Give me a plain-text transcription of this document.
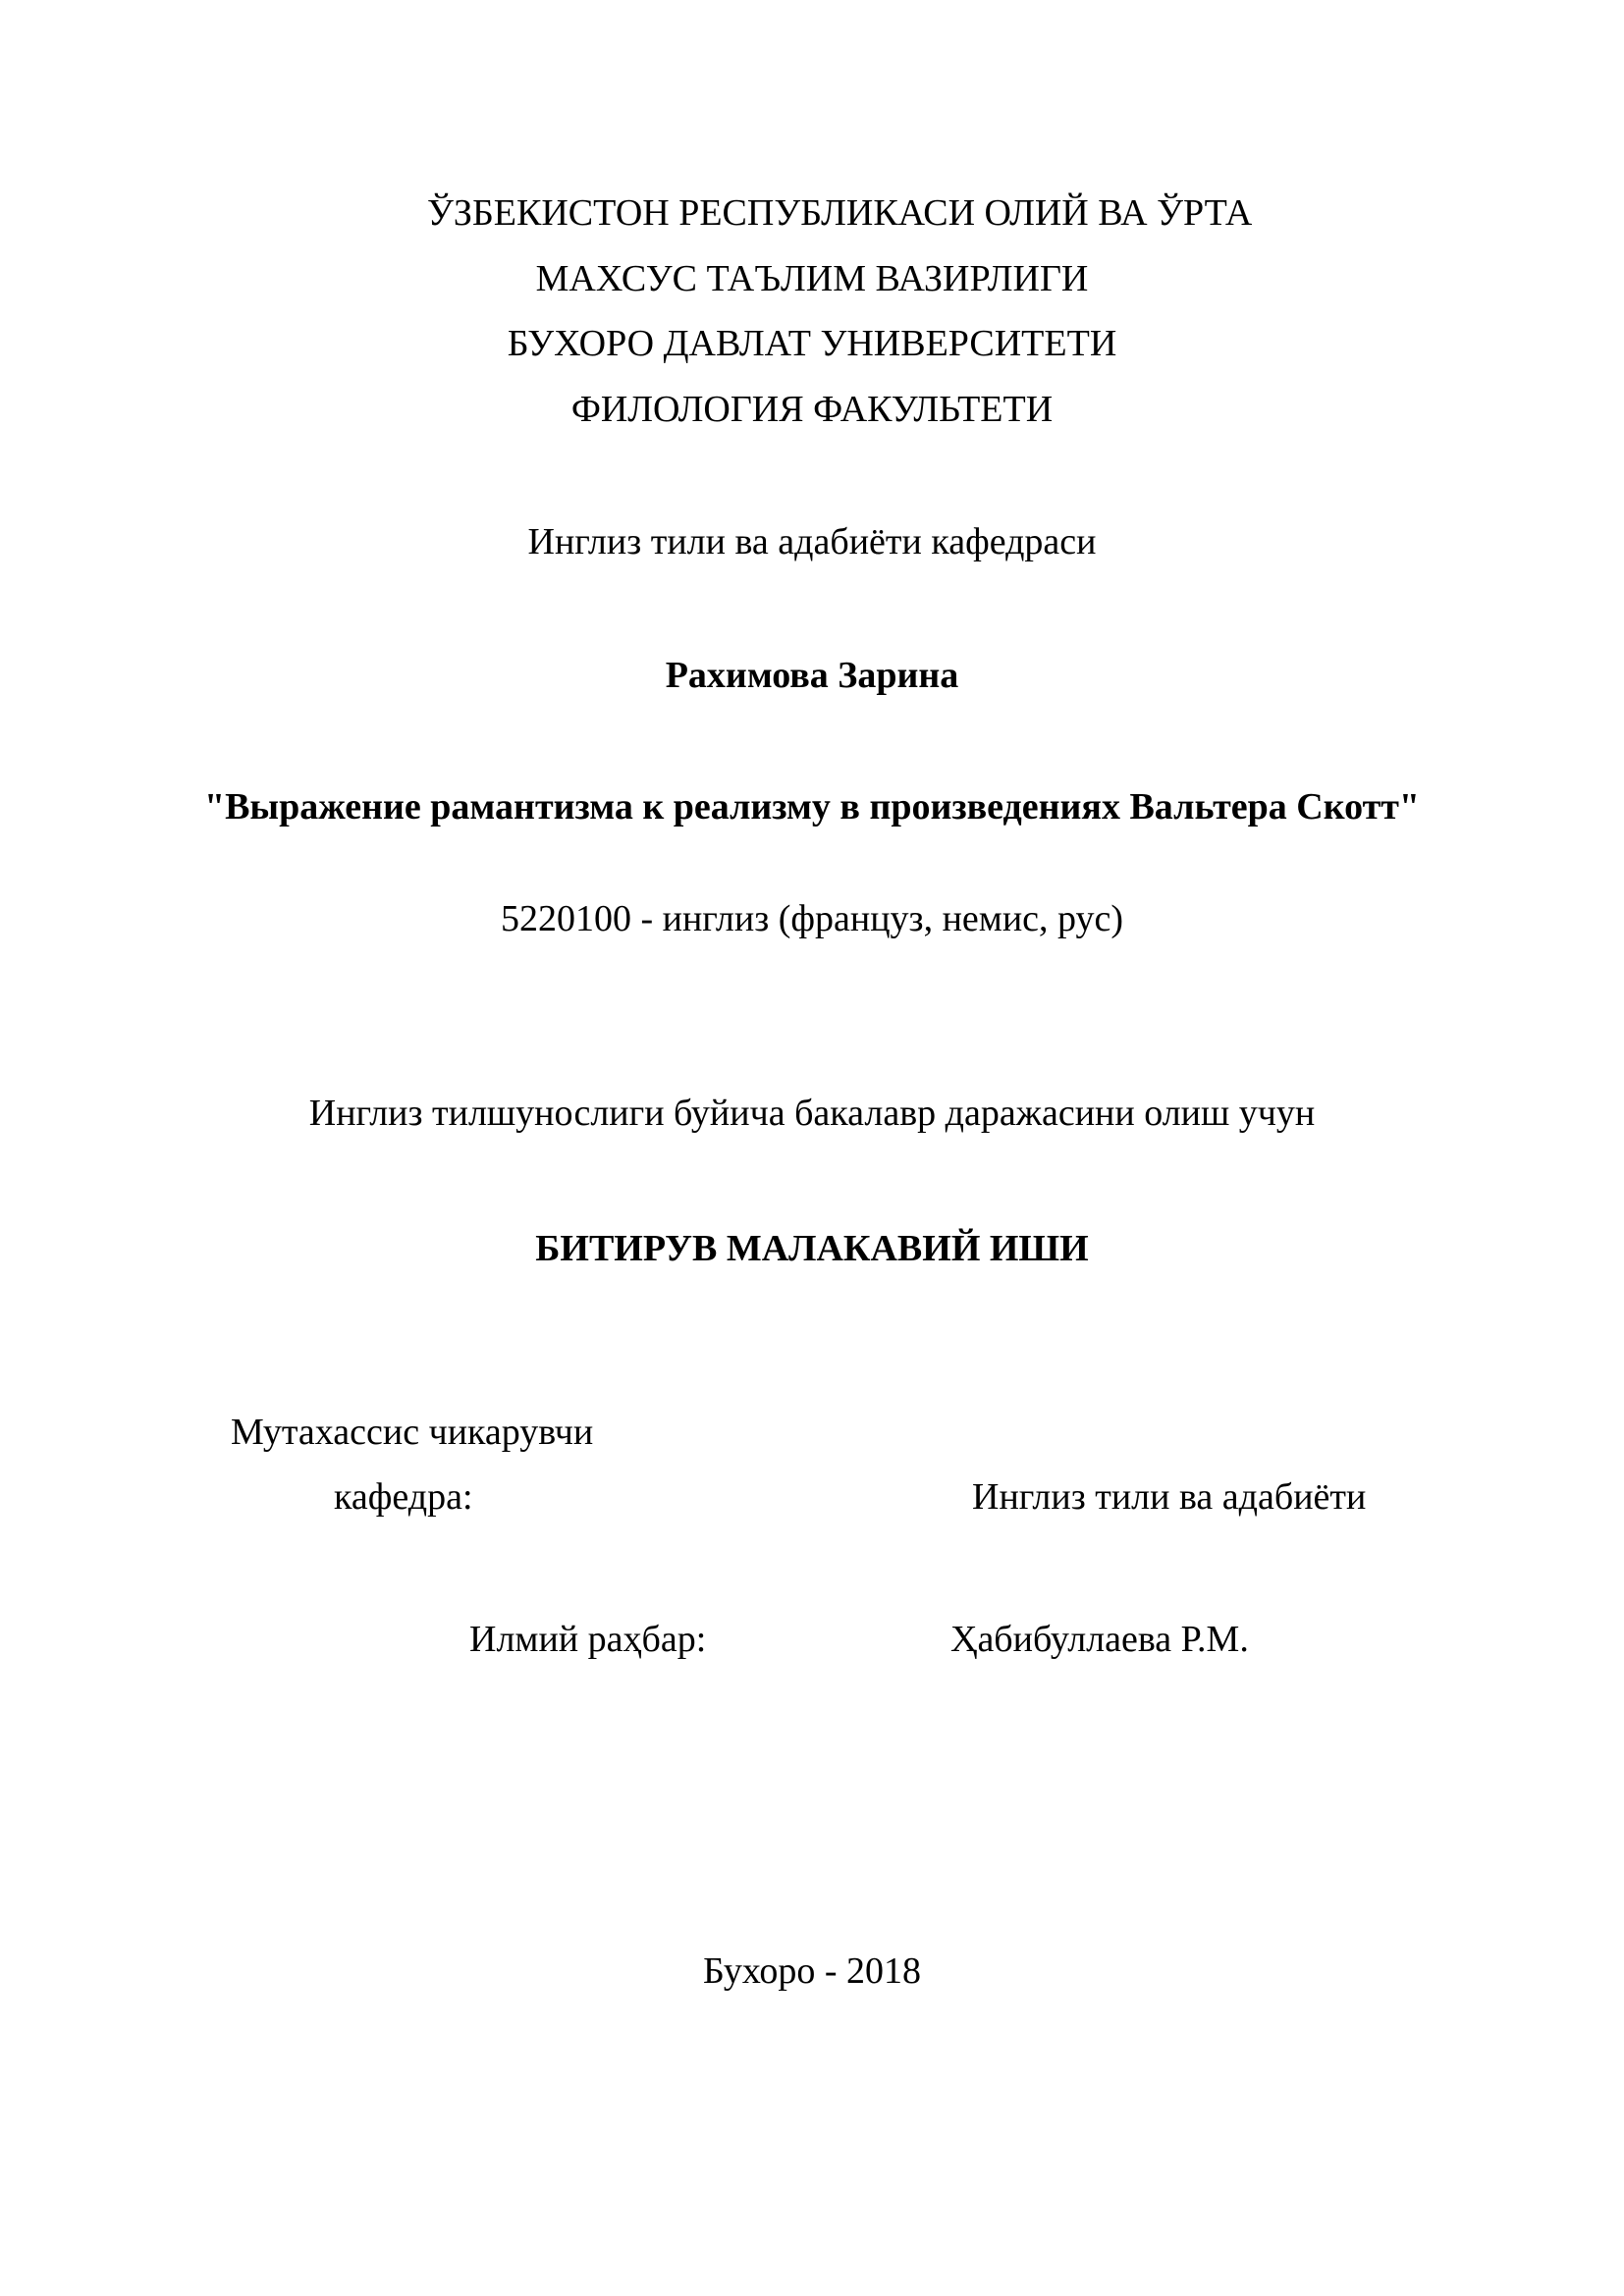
ЎЗБЕКИСТОН РЕСПУБЛИКАСИ ОЛИЙ ВА ЎРТА
МАХСУС ТАЪЛИМ ВАЗИРЛИГИ
БУХОРО ДАВЛАТ УНИВЕРСИТЕТИ
ФИЛОЛОГИЯ ФАКУЛЬТЕТИ
Инглиз тили ва адабиёти кафедраси
Рахимова Зарина
"Выражение рамантизма к реализму в произведениях Вальтера Скотт"
5220100 - инглиз (француз, немис, рус)
Инглиз тилшунослиги буйича бакалавр даражасини олиш учун
БИТИРУВ МАЛАКАВИЙ ИШИ
Мутахассис чикарувчи
кафедра:	Инглиз тили ва адабиёти
Илмий раҳбар:	Ҳабибуллаева Р.М.
Бухоро - 2018
